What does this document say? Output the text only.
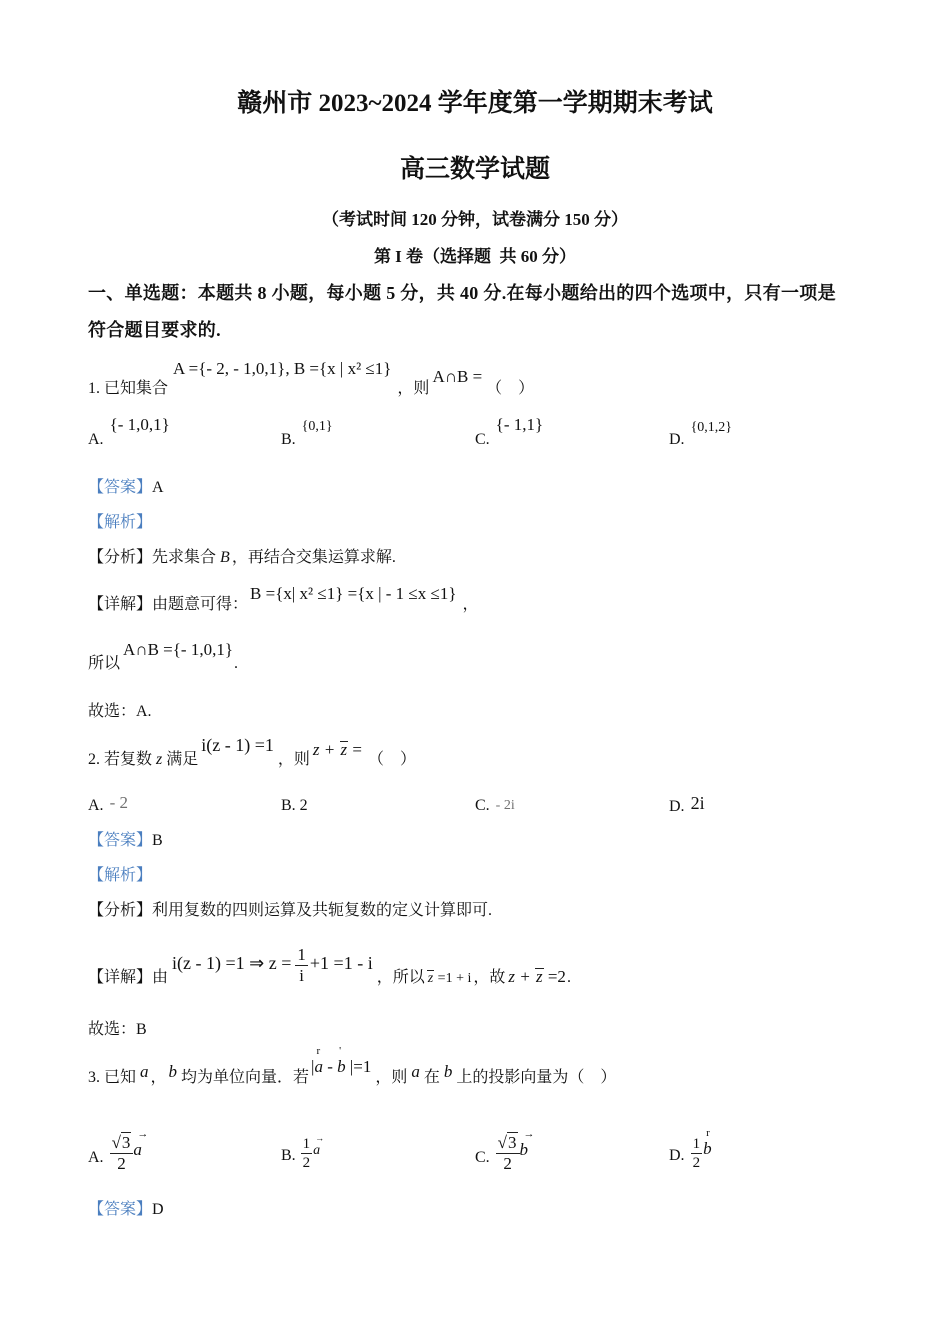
赣州市 2023~2024 学年度第一学期期末考试
高三数学试题
（考试时间 120 分钟，试卷满分 150 分）
第 I 卷（选择题  共 60 分）
一、单选题：本题共 8 小题，每小题 5 分，共 40 分.在每小题给出的四个选项中，只有一项是
符合题目要求的.
1. 已知集合A ={- 2, - 1,0,1}, B ={x | x² ≤1}，则A∩B =（　）
A.{- 1,0,1}
B.{0,1}
C.{- 1,1}
D.{0,1,2}
【答案】A
【解析】
【分析】先求集合 B ，再结合交集运算求解.
【详解】由题意可得：B ={x| x² ≤1} ={x | - 1 ≤x ≤1}，
所以A∩B ={- 1,0,1}.
故选：A.
2. 若复数 z 满足i(z - 1) =1，则z + z =（　）
A. - 2	B. 2	C. - 2i	D. 2i
【答案】B
【解析】
【分析】利用复数的四则运算及共轭复数的定义计算即可.
【详解】由i(z - 1) =1 ⇒ $z = \frac{1}{i} +1 =1 - i$，所以 z =1 + i ，故 z + z =2.
故选：B
3. 已知 a ， b 均为单位向量．若|a
r
- b
'
|=1，则 a 在 b 上的投影向量为（　）
A. $\frac{√3}{2}$ a
→
B. $\frac{1}{2}$ a
→
C. $\frac{√3}{2}$ b
→
D. $\frac{1}{2}$ b
r
【答案】D
